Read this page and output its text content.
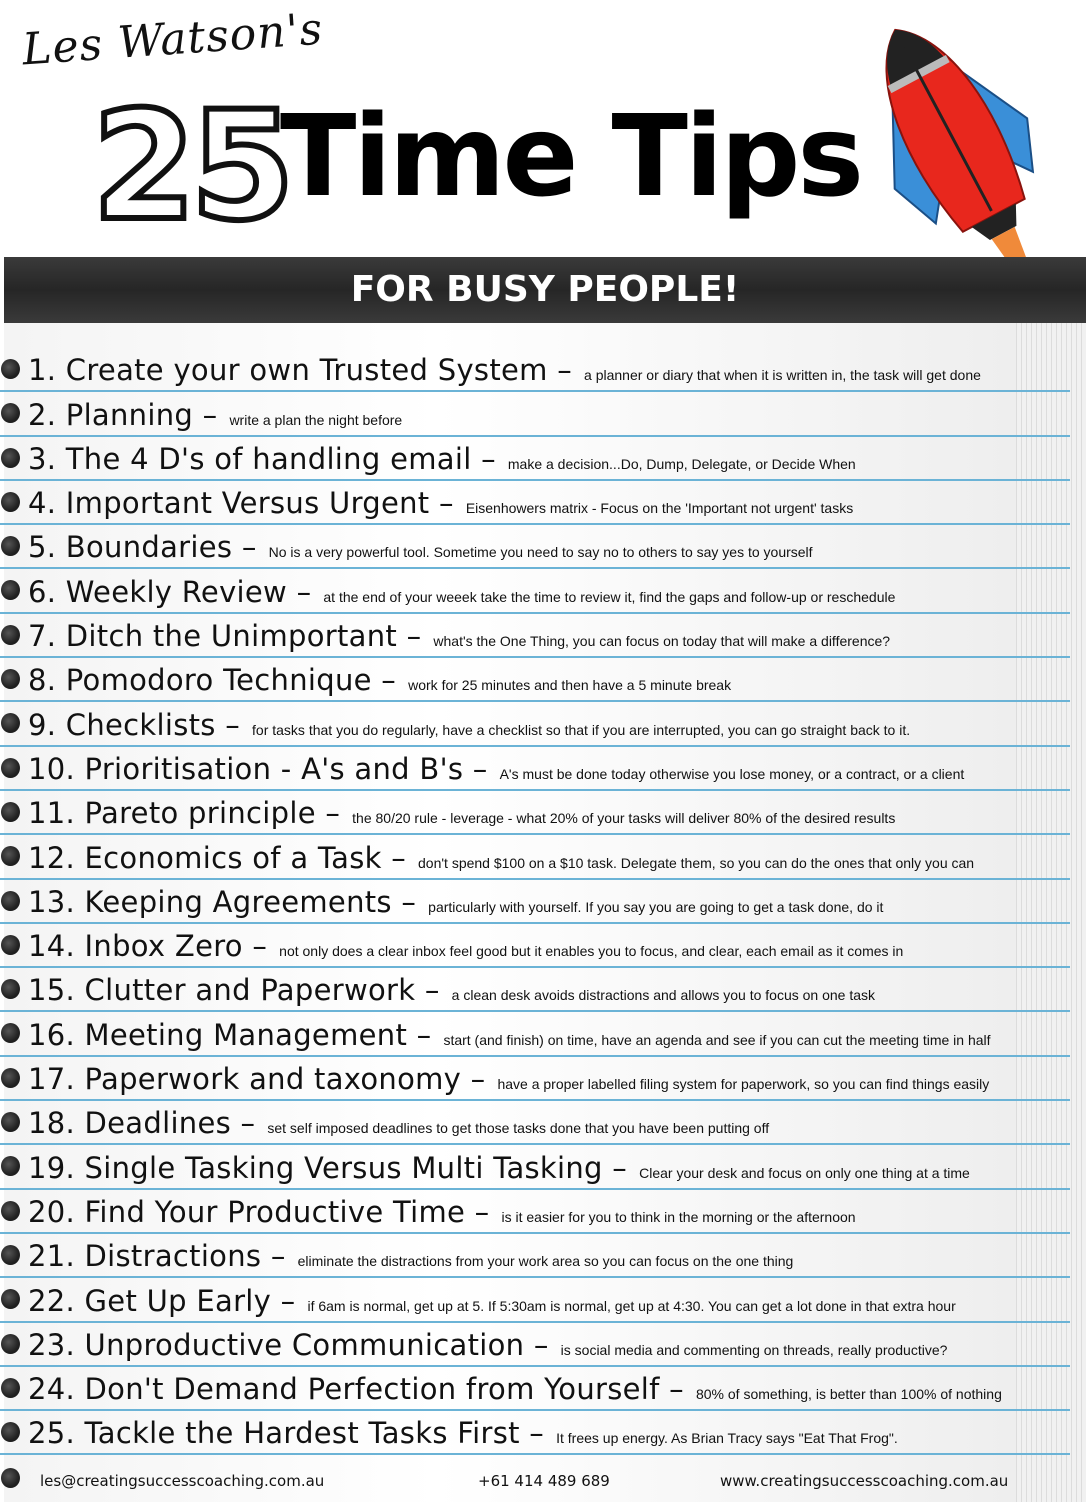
Les Watson's
25
Time Tips
FOR BUSY PEOPLE!
1. Create your own Trusted System – a planner or diary that when it is written in, the task will get done
2. Planning – write a plan the night before
3. The 4 D's of handling email – make a decision...Do, Dump, Delegate, or Decide When
4. Important Versus Urgent – Eisenhowers matrix - Focus on the 'Important not urgent' tasks
5. Boundaries – No is a very powerful tool. Sometime you need to say no to others to say yes to yourself
6. Weekly Review – at the end of your weeek take the time to review it, find the gaps and follow-up or reschedule
7. Ditch the Unimportant – what's the One Thing, you can focus on today that will make a difference?
8. Pomodoro Technique – work for 25 minutes and then have a 5 minute break
9. Checklists – for tasks that you do regularly, have a checklist so that if you are interrupted, you can go straight back to it.
10. Prioritisation - A's and B's – A's must be done today otherwise you lose money, or a contract, or a client
11. Pareto principle – the 80/20 rule - leverage - what 20% of your tasks will deliver 80% of the desired results
12. Economics of a Task – don't spend $100 on a $10 task. Delegate them, so you can do the ones that only you can
13. Keeping Agreements – particularly with yourself. If you say you are going to get a task done, do it
14. Inbox Zero – not only does a clear inbox feel good but it enables you to focus, and clear, each email as it comes in
15. Clutter and Paperwork – a clean desk avoids distractions and allows you to focus on one task
16. Meeting Management – start (and finish) on time, have an agenda and see if you can cut the meeting time in half
17. Paperwork and taxonomy – have a proper labelled filing system for paperwork, so you can find things easily
18. Deadlines – set self imposed deadlines to get those tasks done that you have been putting off
19. Single Tasking Versus Multi Tasking – Clear your desk and focus on only one thing at a time
20. Find Your Productive Time – is it easier for you to think in the morning or the afternoon
21. Distractions – eliminate the distractions from your work area so you can focus on the one thing
22. Get Up Early – if 6am is normal, get up at 5. If 5:30am is normal, get up at 4:30. You can get a lot done in that extra hour
23. Unproductive Communication – is social media and commenting on threads, really productive?
24. Don't Demand Perfection from Yourself – 80% of something, is better than 100% of nothing
25. Tackle the Hardest Tasks First – It frees up energy. As Brian Tracy says "Eat That Frog".
les@creatingsuccesscoaching.com.au	+61 414 489 689	www.creatingsuccesscoaching.com.au
